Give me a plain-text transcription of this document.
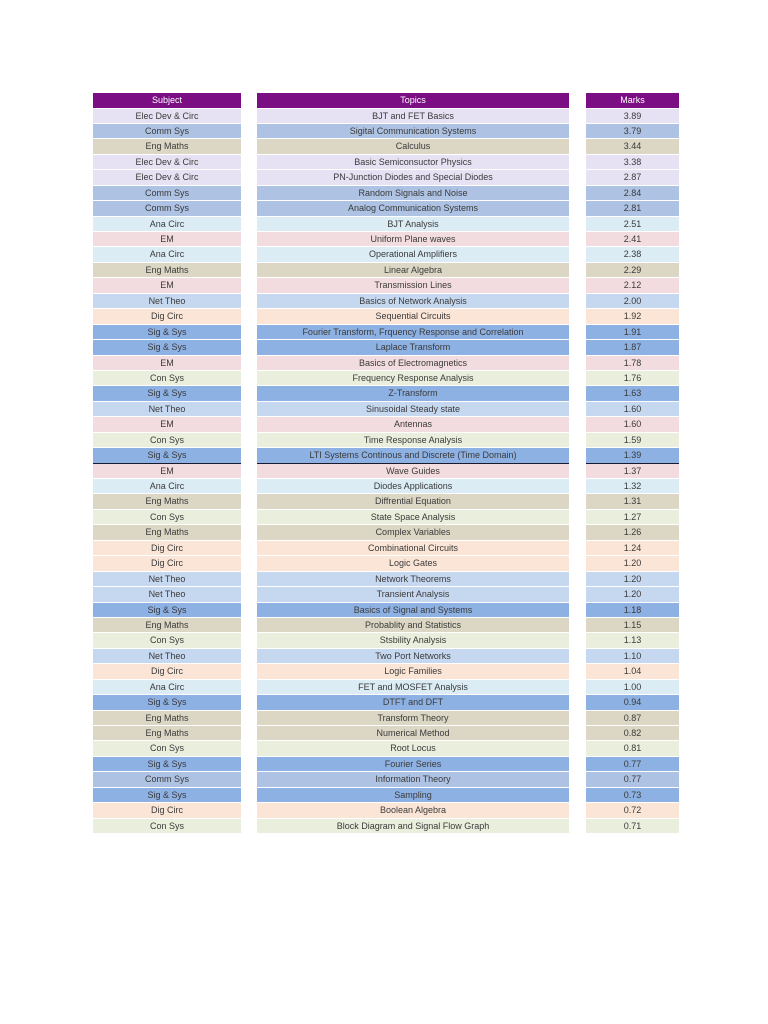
Subject
Elec Dev & Circ
Comm Sys
Eng Maths
Elec Dev & Circ
Elec Dev & Circ
Comm Sys
Comm Sys
Ana Circ
EM
Ana Circ
Eng Maths
EM
Net Theo
Dig Circ
Sig & Sys
Sig & Sys
EM
Con Sys
Sig & Sys
Net Theo
EM
Con Sys
Sig & Sys
EM
Ana Circ
Eng Maths
Con Sys
Eng Maths
Dig Circ
Dig Circ
Net Theo
Net Theo
Sig & Sys
Eng Maths
Con Sys
Net Theo
Dig Circ
Ana Circ
Sig & Sys
Eng Maths
Eng Maths
Con Sys
Sig & Sys
Comm Sys
Sig & Sys
Dig Circ
Con Sys
Topics
BJT and FET Basics
Sigital Communication Systems
Calculus
Basic Semiconsuctor Physics
PN-Junction Diodes and Special Diodes
Random Signals and Noise
Analog Communication Systems
BJT Analysis
Uniform Plane waves
Operational Amplifiers
Linear Algebra
Transmission Lines
Basics of Network Analysis
Sequential Circuits
Fourier Transform, Frquency Response and Correlation
Laplace Transform
Basics of Electromagnetics
Frequency Response Analysis
Z-Transform
Sinusoidal Steady state
Antennas
Time Response Analysis
LTI Systems Continous and Discrete (Time Domain)
Wave Guides
Diodes Applications
Diffrential Equation
State Space Analysis
Complex Variables
Combinational Circuits
Logic Gates
Network Theorems
Transient Analysis
Basics of Signal and Systems
Probablity and Statistics
Stsbility Analysis
Two Port Networks
Logic Families
FET and MOSFET Analysis
DTFT and DFT
Transform Theory
Numerical Method
Root Locus
Fourier Series
Information Theory
Sampling
Boolean Algebra
Block Diagram and Signal Flow Graph
Marks
3.89
3.79
3.44
3.38
2.87
2.84
2.81
2.51
2.41
2.38
2.29
2.12
2.00
1.92
1.91
1.87
1.78
1.76
1.63
1.60
1.60
1.59
1.39
1.37
1.32
1.31
1.27
1.26
1.24
1.20
1.20
1.20
1.18
1.15
1.13
1.10
1.04
1.00
0.94
0.87
0.82
0.81
0.77
0.77
0.73
0.72
0.71
